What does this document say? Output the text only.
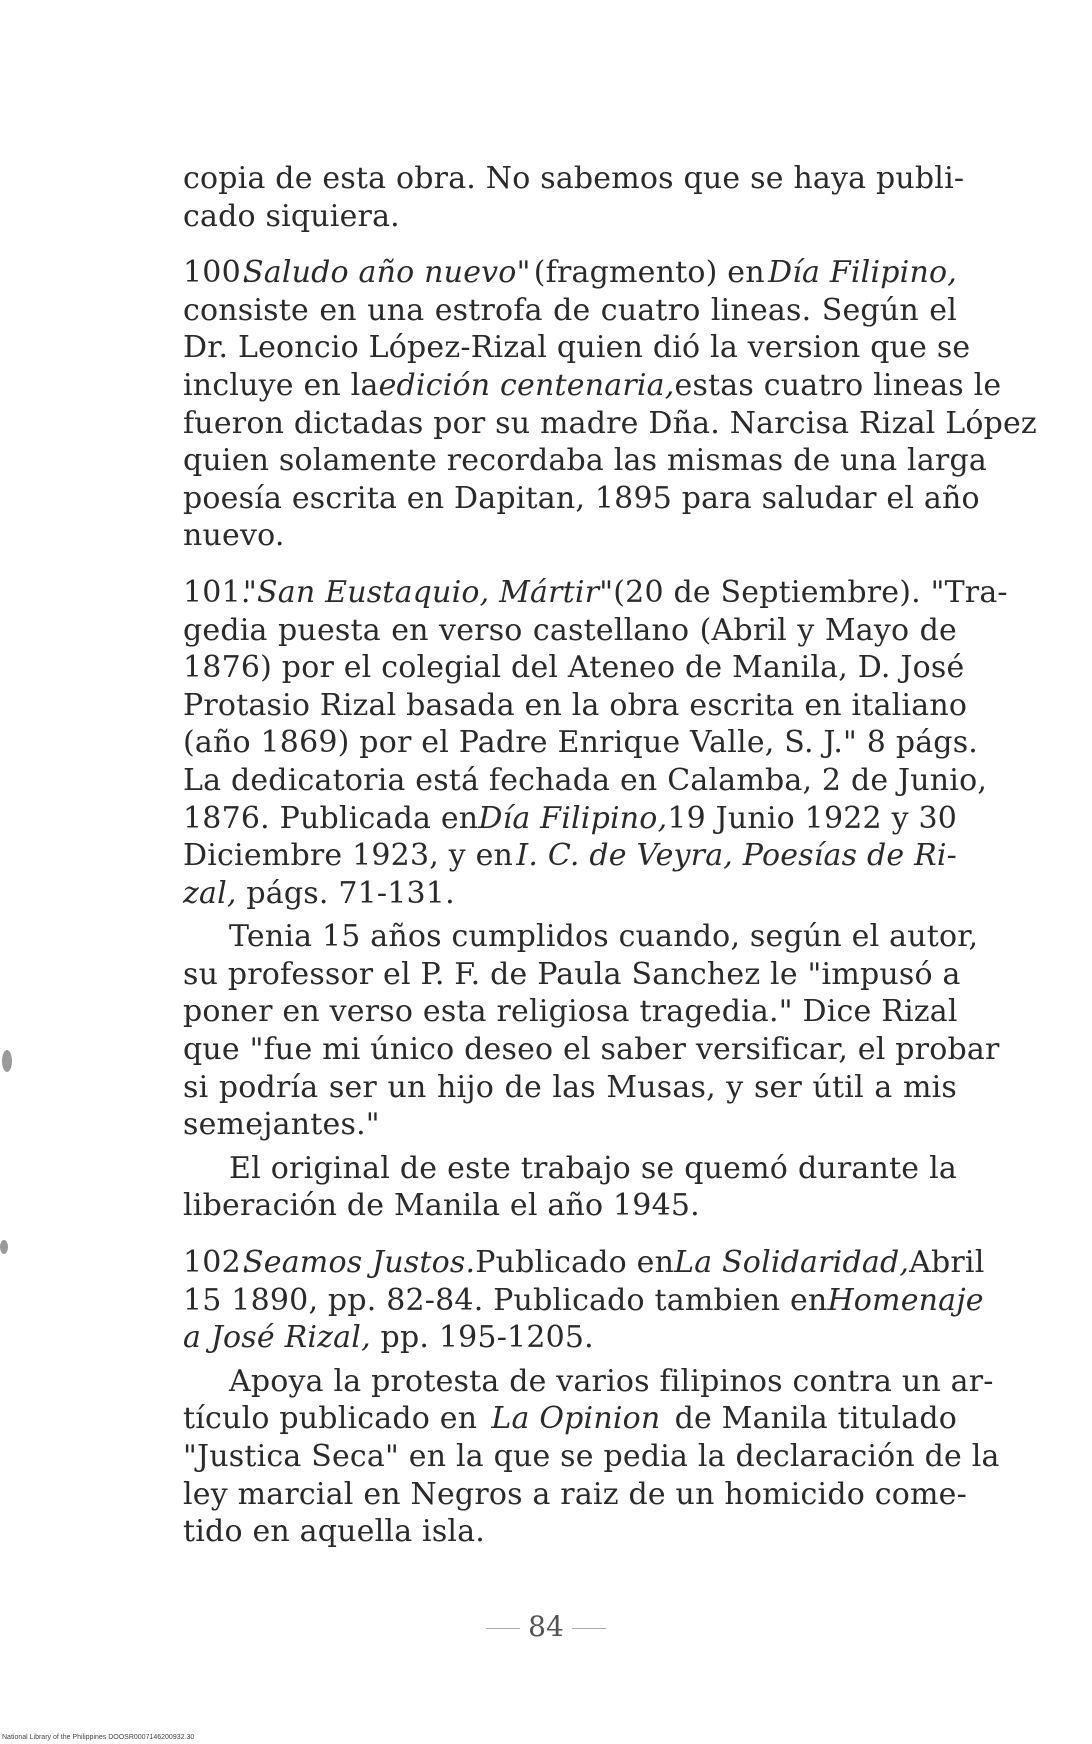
copia de esta obra. No sabemos que se haya publi-
cado siquiera.
100.
Saludo año nuevo" (fragmento) en Día Filipino,
consiste en una estrofa de cuatro lineas. Según el
Dr. Leoncio López-Rizal quien dió la version que se
incluye en la edición centenaria, estas cuatro lineas le
fueron dictadas por su madre Dña. Narcisa Rizal López
quien solamente recordaba las mismas de una larga
poesía escrita en Dapitan, 1895 para saludar el año
nuevo.
101.
"San Eustaquio, Mártir" (20 de Septiembre). "Tra-
gedia puesta en verso castellano (Abril y Mayo de
1876) por el colegial del Ateneo de Manila, D. José
Protasio Rizal basada en la obra escrita en italiano
(año 1869) por el Padre Enrique Valle, S. J." 8 págs.
La dedicatoria está fechada en Calamba, 2 de Junio,
1876. Publicada en Día Filipino, 19 Junio 1922 y 30
Diciembre 1923, y en I. C. de Veyra, Poesías de Ri-
zal, págs. 71-131.
Tenia 15 años cumplidos cuando, según el autor,
su professor el P. F. de Paula Sanchez le "impusó a
poner en verso esta religiosa tragedia." Dice Rizal
que "fue mi único deseo el saber versificar, el probar
si podría ser un hijo de las Musas, y ser útil a mis
semejantes."
El original de este trabajo se quemó durante la
liberación de Manila el año 1945.
102.
Seamos Justos. Publicado en La Solidaridad, Abril
15 1890, pp. 82-84. Publicado tambien en Homenaje
a José Rizal, pp. 195-1205.
Apoya la protesta de varios filipinos contra un ar-
tículo publicado en La Opinion de Manila titulado
"Justica Seca" en la que se pedia la declaración de la
ley marcial en Negros a raiz de un homicido come-
tido en aquella isla.
84
National Library of the Philippines DOOSR0007146200932.30
